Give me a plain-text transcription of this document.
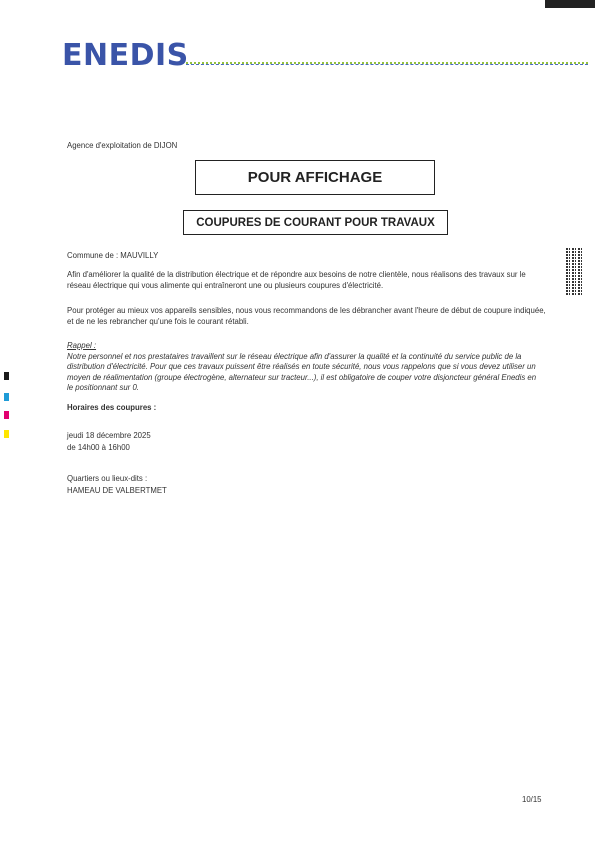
ENEDIS
Agence d'exploitation de DIJON
POUR AFFICHAGE
COUPURES DE COURANT POUR TRAVAUX
Commune de : MAUVILLY
Afin d'améliorer la qualité de la distribution électrique et de répondre aux besoins de notre clientèle, nous réalisons des travaux sur le réseau électrique qui vous alimente qui entraîneront une ou plusieurs coupures d'électricité.
Pour protéger au mieux vos appareils sensibles, nous vous recommandons de les débrancher avant l'heure de début de coupure indiquée, et de ne les rebrancher qu'une fois le courant rétabli.
Rappel :
Notre personnel et nos prestataires travaillent sur le réseau électrique afin d'assurer la qualité et la continuité du service public de la distribution d'électricité. Pour que ces travaux puissent être réalisés en toute sécurité, nous vous rappelons que si vous devez utiliser un moyen de réalimentation (groupe électrogène, alternateur sur tracteur...), il est obligatoire de couper votre disjoncteur général Enedis en le positionnant sur 0.
Horaires des coupures :
jeudi 18 décembre 2025
de 14h00 à 16h00
Quartiers ou lieux-dits :
HAMEAU DE VALBERTMET
10/15
